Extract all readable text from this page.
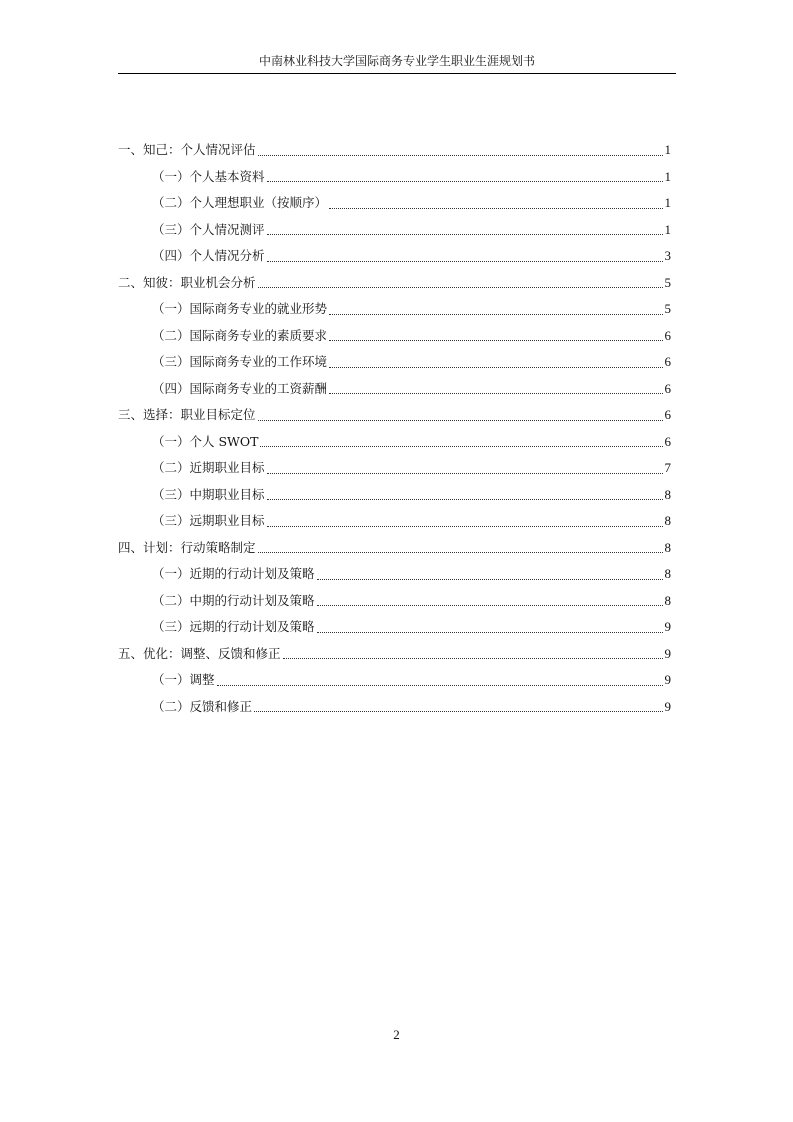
中南林业科技大学国际商务专业学生职业生涯规划书
一、知己：个人情况评估	1
（一）个人基本资料	1
（二）个人理想职业（按顺序）	1
（三）个人情况测评	1
（四）个人情况分析	3
二、知彼：职业机会分析	5
（一）国际商务专业的就业形势	5
（二）国际商务专业的素质要求	6
（三）国际商务专业的工作环境	6
（四）国际商务专业的工资薪酬	6
三、选择：职业目标定位	6
（一）个人 SWOT	6
（二）近期职业目标	7
（三）中期职业目标	8
（三）远期职业目标	8
四、计划：行动策略制定	8
（一）近期的行动计划及策略	8
（二）中期的行动计划及策略	8
（三）远期的行动计划及策略	9
五、优化：调整、反馈和修正	9
（一）调整	9
（二）反馈和修正	9
2
